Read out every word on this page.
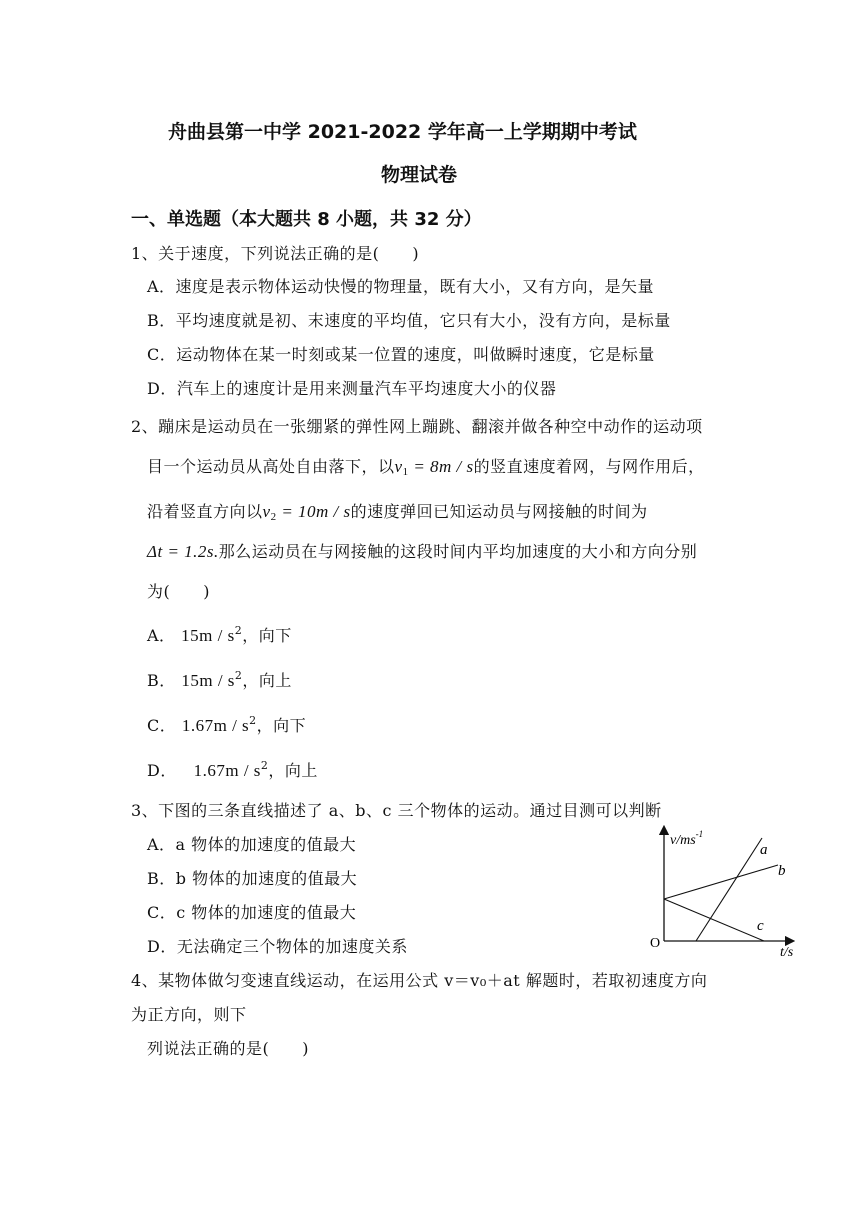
舟曲县第一中学 2021-2022 学年高一上学期期中考试
物理试卷
一、单选题（本大题共 8 小题，共 32 分）
1、关于速度，下列说法正确的是(　　)
A．速度是表示物体运动快慢的物理量，既有大小，又有方向，是矢量
B．平均速度就是初、末速度的平均值，它只有大小，没有方向，是标量
C．运动物体在某一时刻或某一位置的速度，叫做瞬时速度，它是标量
D．汽车上的速度计是用来测量汽车平均速度大小的仪器
2、蹦床是运动员在一张绷紧的弹性网上蹦跳、翻滚并做各种空中动作的运动项
目一个运动员从高处自由落下，以$v_1 = 8m / s$的竖直速度着网，与网作用后，
沿着竖直方向以$v_2 = 10m / s$的速度弹回已知运动员与网接触的时间为
Δt = 1.2s.那么运动员在与网接触的这段时间内平均加速度的大小和方向分别
为(　　)
A． $15m / s^2$，向下
B． $15m / s^2$，向上
C． $1.67m / s^2$，向下
D． $1.67m / s^2$，向上
3、下图的三条直线描述了 a、b、c 三个物体的运动。通过目测可以判断
A．a 物体的加速度的值最大
B．b 物体的加速度的值最大
C．c 物体的加速度的值最大
D．无法确定三个物体的加速度关系
$v/ms^{-1}$
t/s
O
a
b
c
4、某物体做匀变速直线运动，在运用公式 v＝v₀＋at 解题时，若取初速度方向
为正方向，则下
列说法正确的是(　　)
